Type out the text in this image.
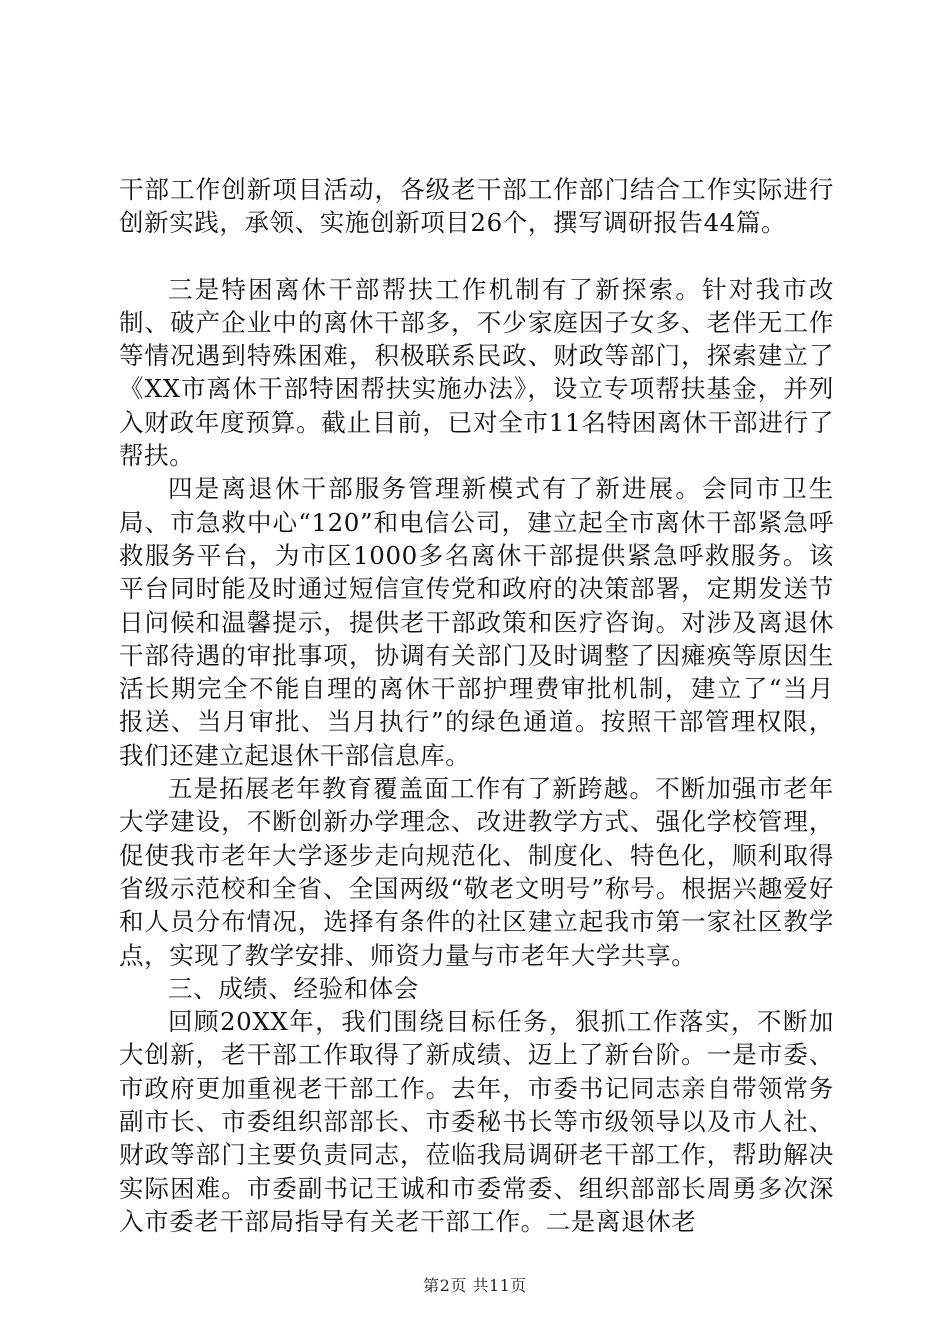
干部工作创新项目活动，各级老干部工作部门结合工作实际进行创新实践，承领、实施创新项目26个，撰写调研报告44篇。

三是特困离休干部帮扶工作机制有了新探索。针对我市改制、破产企业中的离休干部多，不少家庭因子女多、老伴无工作等情况遇到特殊困难，积极联系民政、财政等部门，探索建立了《XX市离休干部特困帮扶实施办法》，设立专项帮扶基金，并列入财政年度预算。截止目前，已对全市11名特困离休干部进行了帮扶。

四是离退休干部服务管理新模式有了新进展。会同市卫生局、市急救中心“120”和电信公司，建立起全市离休干部紧急呼救服务平台，为市区1000多名离休干部提供紧急呼救服务。该平台同时能及时通过短信宣传党和政府的决策部署，定期发送节日问候和温馨提示，提供老干部政策和医疗咨询。对涉及离退休干部待遇的审批事项，协调有关部门及时调整了因瘫痪等原因生活长期完全不能自理的离休干部护理费审批机制，建立了“当月报送、当月审批、当月执行”的绿色通道。按照干部管理权限，我们还建立起退休干部信息库。

五是拓展老年教育覆盖面工作有了新跨越。不断加强市老年大学建设，不断创新办学理念、改进教学方式、强化学校管理，促使我市老年大学逐步走向规范化、制度化、特色化，顺利取得省级示范校和全省、全国两级“敬老文明号”称号。根据兴趣爱好和人员分布情况，选择有条件的社区建立起我市第一家社区教学点，实现了教学安排、师资力量与市老年大学共享。

三、成绩、经验和体会

回顾20XX年，我们围绕目标任务，狠抓工作落实，不断加大创新，老干部工作取得了新成绩、迈上了新台阶。一是市委、市政府更加重视老干部工作。去年，市委书记同志亲自带领常务副市长、市委组织部部长、市委秘书长等市级领导以及市人社、财政等部门主要负责同志，莅临我局调研老干部工作，帮助解决实际困难。市委副书记王诚和市委常委、组织部部长周勇多次深入市委老干部局指导有关老干部工作。二是离退休老

第2页 共11页
